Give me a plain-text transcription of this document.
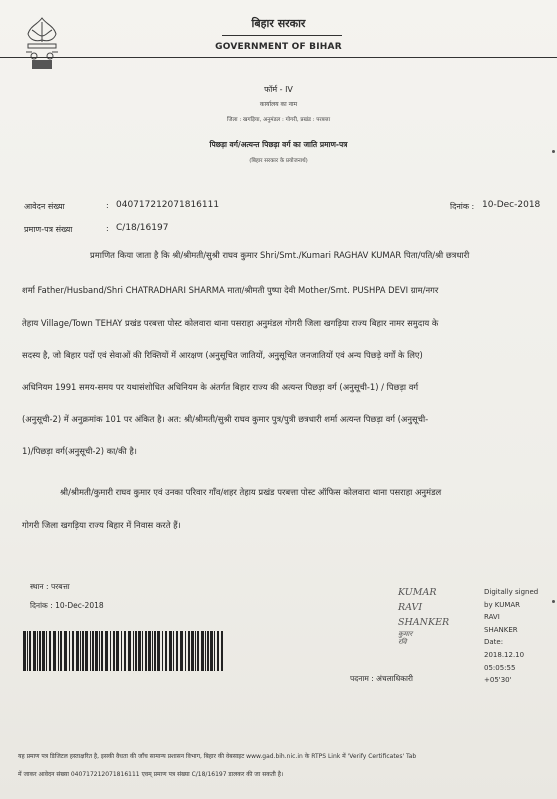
बिहार सरकार
GOVERNMENT OF BIHAR
फॉर्म - IV
कार्यालय का नाम
जिला : खगड़िया, अनुमंडल : गोगरी, प्रखंड : परबत्ता
पिछड़ा वर्ग/अत्यन्त पिछड़ा वर्ग का जाति प्रमाण-पत्र
(बिहार सरकार के प्रयोजनार्थ)
आवेदन संख्या	: 040717212071816111	दिनांक : 10-Dec-2018
प्रमाण-पत्र संख्या	: C/18/16197
प्रमाणित किया जाता है कि श्री/श्रीमती/सुश्री राघव कुमार Shri/Smt./Kumari RAGHAV KUMAR पिता/पति/श्री छत्रधारी
शर्मा Father/Husband/Shri CHATRADHARI SHARMA माता/श्रीमती पुष्पा देवी Mother/Smt. PUSHPA DEVI ग्राम/नगर
तेहाय Village/Town TEHAY प्रखंड परबत्ता पोस्ट कोलवारा थाना पसराहा अनुमंडल गोगरी जिला खगड़िया राज्य बिहार नामर समुदाय के
सदस्य है, जो बिहार पदों एवं सेवाओं की रिक्तियों में आरक्षण (अनुसूचित जातियों, अनुसूचित जनजातियों एवं अन्य पिछड़े वर्गों के लिए)
अधिनियम 1991 समय-समय पर यथासंशोधित अधिनियम के अंतर्गत बिहार राज्य की अत्यन्त पिछड़ा वर्ग (अनुसूची-1) / पिछड़ा वर्ग
(अनुसूची-2) में अनुक्रमांक 101 पर अंकित है। अत: श्री/श्रीमती/सुश्री राघव कुमार पुत्र/पुत्री छत्रधारी शर्मा अत्यन्त पिछड़ा वर्ग (अनुसूची-
1)/पिछड़ा वर्ग(अनुसूची-2) का/की है।
श्री/श्रीमती/कुमारी राघव कुमार एवं उनका परिवार गाँव/शहर तेहाय प्रखंड परबत्ता पोस्ट ऑफिस कोलवारा थाना पसराहा अनुमंडल
गोगरी जिला खगड़िया राज्य बिहार में निवास करते हैं।
स्थान : परबत्ता
दिनांक : 10-Dec-2018
KUMAR
RAVI
SHANKER
कुमार
रवि
Digitally signed
by KUMAR
RAVI
SHANKER
Date:
2018.12.10
05:05:55
+05'30'
पदनाम : अंचलाधिकारी
यह प्रमाण पत्र डिजिटल हस्ताक्षरित है, इसकी वैधता की जाँच सामान्य प्रशासन विभाग, बिहार की वेबसाइट www.gad.bih.nic.in के RTPS Link में 'Verify Certificates' Tab
में जाकर आवेदन संख्या 040717212071816111 एवम् प्रमाण पत्र संख्या C/18/16197 डालकर की जा सकती है।
